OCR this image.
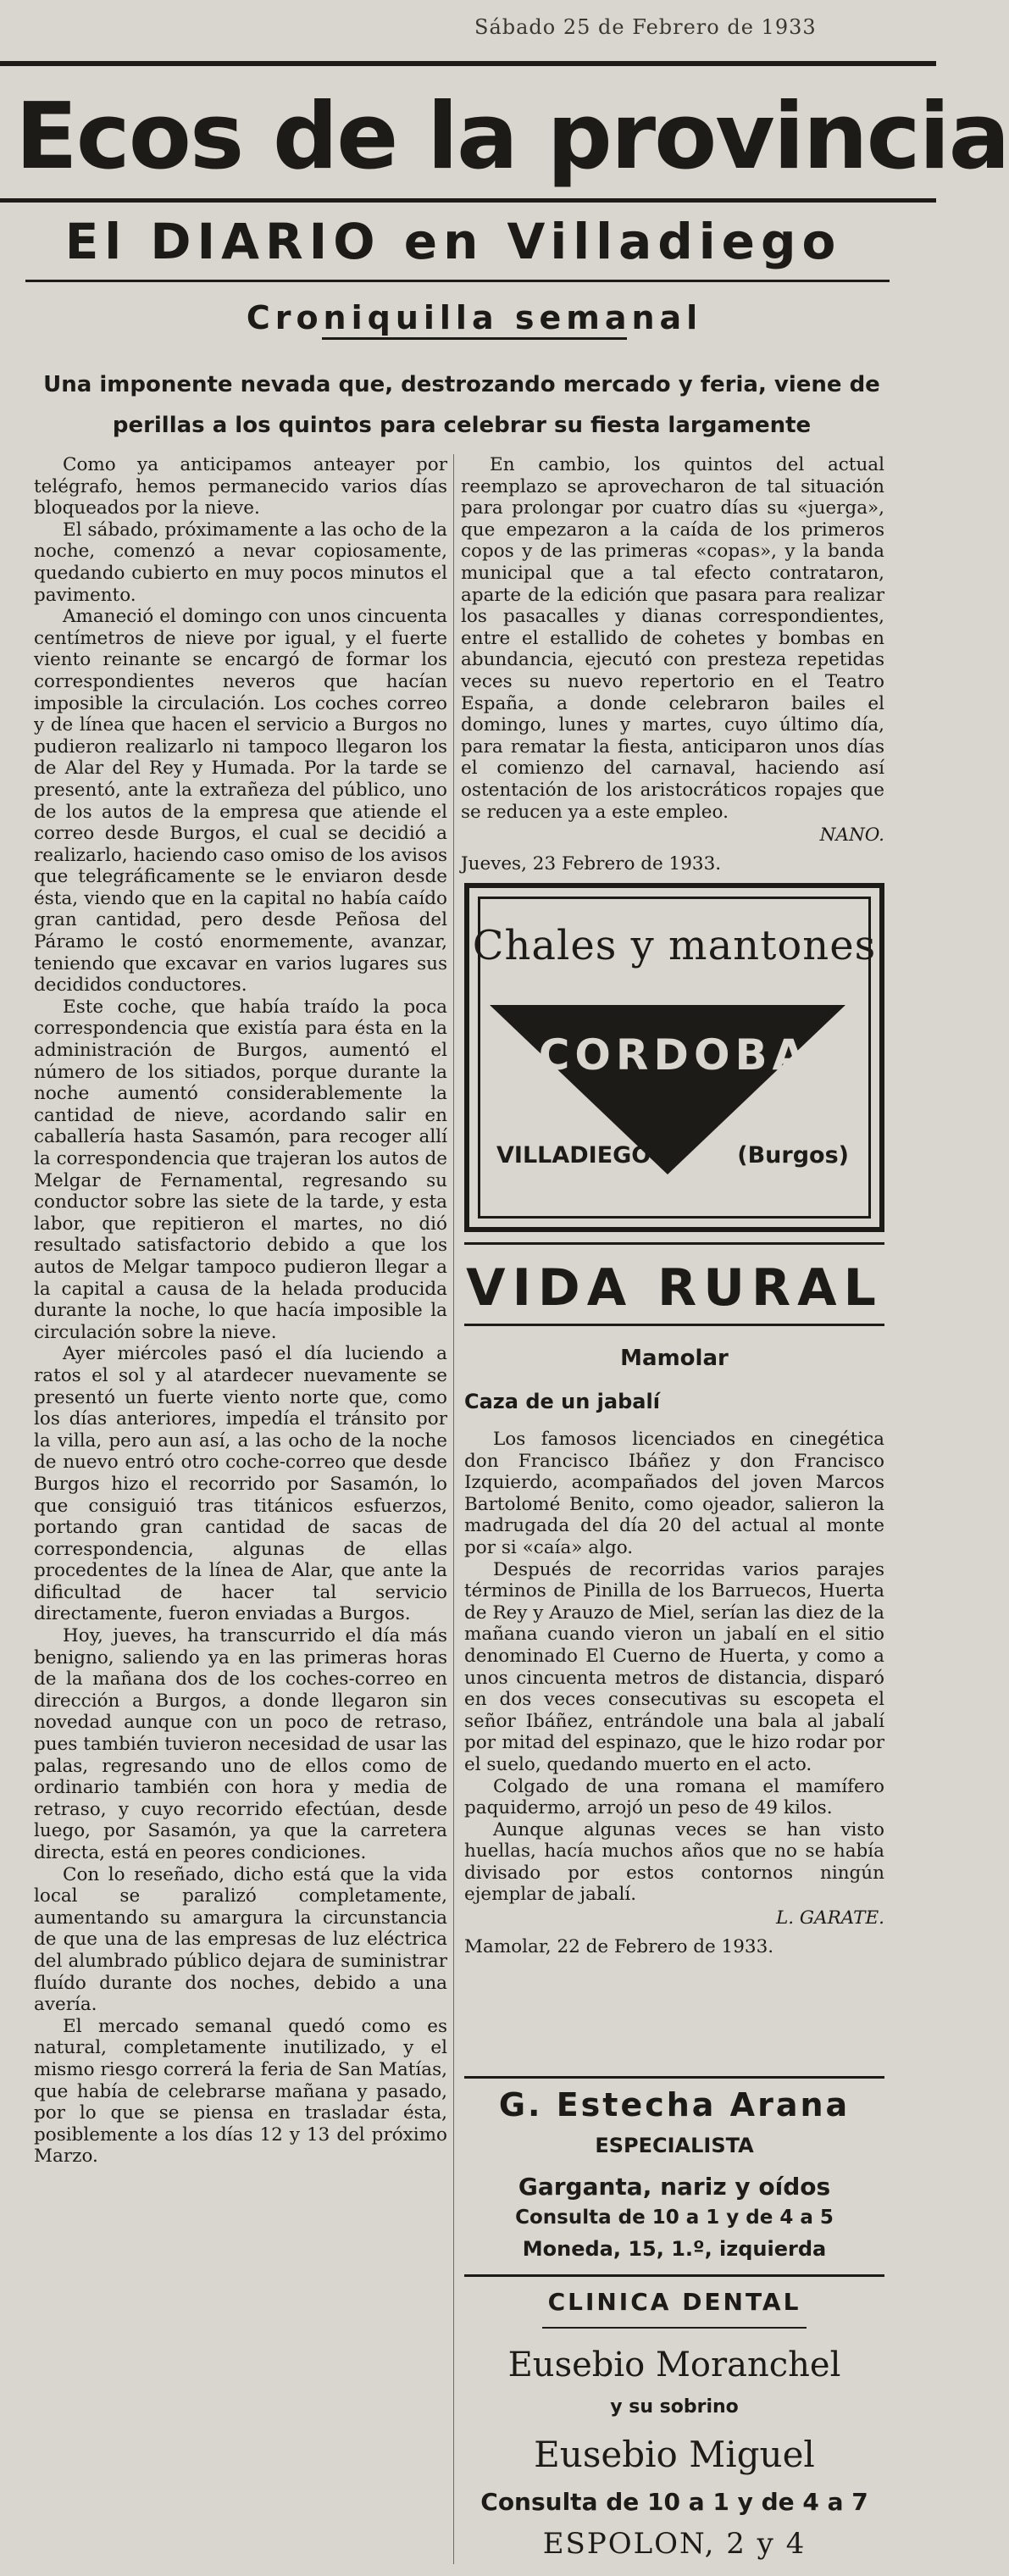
Sábado 25 de Febrero de 1933
Ecos de la provincia
El DIARIO en Villadiego
Croniquilla semanal
Una imponente nevada que, destrozando mercado y feria, viene de perillas a los quintos para celebrar su fiesta largamente

Como ya anticipamos anteayer por telégrafo, hemos permanecido varios días bloqueados por la nieve.

El sábado, próximamente a las ocho de la noche, comenzó a nevar copiosamente, quedando cubierto en muy pocos minutos el pavimento.

Amaneció el domingo con unos cincuenta centímetros de nieve por igual, y el fuerte viento reinante se encargó de formar los correspondientes neveros que hacían imposible la circulación. Los coches correo y de línea que hacen el servicio a Burgos no pudieron realizarlo ni tampoco llegaron los de Alar del Rey y Humada. Por la tarde se presentó, ante la extrañeza del público, uno de los autos de la empresa que atiende el correo desde Burgos, el cual se decidió a realizarlo, haciendo caso omiso de los avisos que telegráficamente se le enviaron desde ésta, viendo que en la capital no había caído gran cantidad, pero desde Peñosa del Páramo le costó enormemente, avanzar, teniendo que excavar en varios lugares sus decididos conductores.

Este coche, que había traído la poca correspondencia que existía para ésta en la administración de Burgos, aumentó el número de los sitiados, porque durante la noche aumentó considerablemente la cantidad de nieve, acordando salir en caballería hasta Sasamón, para recoger allí la correspondencia que trajeran los autos de Melgar de Fernamental, regresando su conductor sobre las siete de la tarde, y esta labor, que repitieron el martes, no dió resultado satisfactorio debido a que los autos de Melgar tampoco pudieron llegar a la capital a causa de la helada producida durante la noche, lo que hacía imposible la circulación sobre la nieve.

Ayer miércoles pasó el día luciendo a ratos el sol y al atardecer nuevamente se presentó un fuerte viento norte que, como los días anteriores, impedía el tránsito por la villa, pero aun así, a las ocho de la noche de nuevo entró otro coche-correo que desde Burgos hizo el recorrido por Sasamón, lo que consiguió tras titánicos esfuerzos, portando gran cantidad de sacas de correspondencia, algunas de ellas procedentes de la línea de Alar, que ante la dificultad de hacer tal servicio directamente, fueron enviadas a Burgos.

Hoy, jueves, ha transcurrido el día más benigno, saliendo ya en las primeras horas de la mañana dos de los coches-correo en dirección a Burgos, a donde llegaron sin novedad aunque con un poco de retraso, pues también tuvieron necesidad de usar las palas, regresando uno de ellos como de ordinario también con hora y media de retraso, y cuyo recorrido efectúan, desde luego, por Sasamón, ya que la carretera directa, está en peores condiciones.

Con lo reseñado, dicho está que la vida local se paralizó completamente, aumentando su amargura la circunstancia de que una de las empresas de luz eléctrica del alumbrado público dejara de suministrar fluído durante dos noches, debido a una avería.

El mercado semanal quedó como es natural, completamente inutilizado, y el mismo riesgo correrá la feria de San Matías, que había de celebrarse mañana y pasado, por lo que se piensa en trasladar ésta, posiblemente a los días 12 y 13 del próximo Marzo.

En cambio, los quintos del actual reemplazo se aprovecharon de tal situación para prolongar por cuatro días su «juerga», que empezaron a la caída de los primeros copos y de las primeras «copas», y la banda municipal que a tal efecto contrataron, aparte de la edición que pasara para realizar los pasacalles y dianas correspondientes, entre el estallido de cohetes y bombas en abundancia, ejecutó con presteza repetidas veces su nuevo repertorio en el Teatro España, a donde celebraron bailes el domingo, lunes y martes, cuyo último día, para rematar la fiesta, anticiparon unos días el comienzo del carnaval, haciendo así ostentación de los aristocráticos ropajes que se reducen ya a este empleo.

NANO.

Jueves, 23 Febrero de 1933.

Chales y mantones
CORDOBA
VILLADIEGO	(Burgos)
VIDA RURAL
Mamolar
Caza de un jabalí

Los famosos licenciados en cinegética don Francisco Ibáñez y don Francisco Izquierdo, acompañados del joven Marcos Bartolomé Benito, como ojeador, salieron la madrugada del día 20 del actual al monte por si «caía» algo.

Después de recorridas varios parajes términos de Pinilla de los Barruecos, Huerta de Rey y Arauzo de Miel, serían las diez de la mañana cuando vieron un jabalí en el sitio denominado El Cuerno de Huerta, y como a unos cincuenta metros de distancia, disparó en dos veces consecutivas su escopeta el señor Ibáñez, entrándole una bala al jabalí por mitad del espinazo, que le hizo rodar por el suelo, quedando muerto en el acto.

Colgado de una romana el mamífero paquidermo, arrojó un peso de 49 kilos.

Aunque algunas veces se han visto huellas, hacía muchos años que no se había divisado por estos contornos ningún ejemplar de jabalí.

L. GARATE.

Mamolar, 22 de Febrero de 1933.

G. Estecha Arana
ESPECIALISTA
Garganta, nariz y oídos
Consulta de 10 a 1 y de 4 a 5
Moneda, 15, 1.º, izquierda
CLINICA DENTAL
Eusebio Moranchel
y su sobrino
Eusebio Miguel
Consulta de 10 a 1 y de 4 a 7
ESPOLON, 2 y 4
